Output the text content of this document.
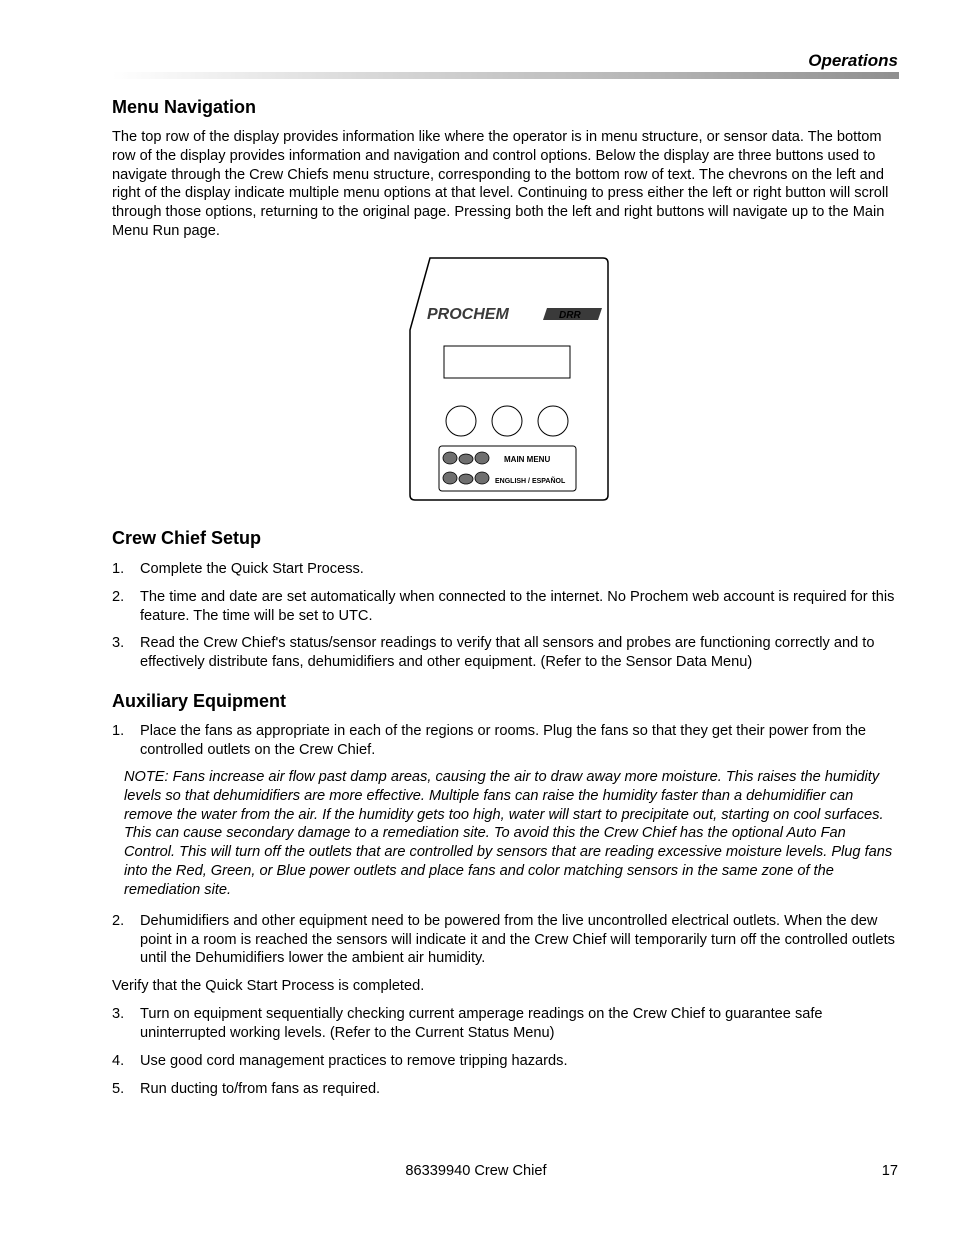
Operations
Menu Navigation
The top row of the display provides information like where the operator is in menu structure, or sensor data. The bottom row of the display provides information and navigation and control options. Below the display are three buttons used to navigate through the Crew Chiefs menu structure, corresponding to the bottom row of text. The chevrons on the left and right of the display indicate multiple menu options at that level. Continuing to press either the left or right button will scroll through those options, returning to the original page. Pressing both the left and right buttons will navigate up to the Main Menu Run page.
PROCHEM	DRR
MAIN MENU
ENGLISH / ESPAÑOL
Crew Chief Setup
1. Complete the Quick Start Process.
2. The time and date are set automatically when connected to the internet. No Prochem web account is required for this feature. The time will be set to UTC.
3. Read the Crew Chief's status/sensor readings to verify that all sensors and probes are functioning correctly and to effectively distribute fans, dehumidifiers and other equipment. (Refer to the Sensor Data Menu)
Auxiliary Equipment
1. Place the fans as appropriate in each of the regions or rooms. Plug the fans so that they get their power from the controlled outlets on the Crew Chief.
NOTE: Fans increase air flow past damp areas, causing the air to draw away more moisture. This raises the humidity levels so that dehumidifiers are more effective. Multiple fans can raise the humidity faster than a dehumidifier can remove the water from the air. If the humidity gets too high, water will start to precipitate out, starting on cool surfaces. This can cause secondary damage to a remediation site. To avoid this the Crew Chief has the optional Auto Fan Control. This will turn off the outlets that are controlled by sensors that are reading excessive moisture levels. Plug fans into the Red, Green, or Blue power outlets and place fans and color matching sensors in the same zone of the remediation site.
2. Dehumidifiers and other equipment need to be powered from the live uncontrolled electrical outlets. When the dew point in a room is reached the sensors will indicate it and the Crew Chief will temporarily turn off the controlled outlets until the Dehumidifiers lower the ambient air humidity.
Verify that the Quick Start Process is completed.
3. Turn on equipment sequentially checking current amperage readings on the Crew Chief to guarantee safe uninterrupted working levels. (Refer to the Current Status Menu)
4. Use good cord management practices to remove tripping hazards.
5. Run ducting to/from fans as required.
86339940 Crew Chief	17
